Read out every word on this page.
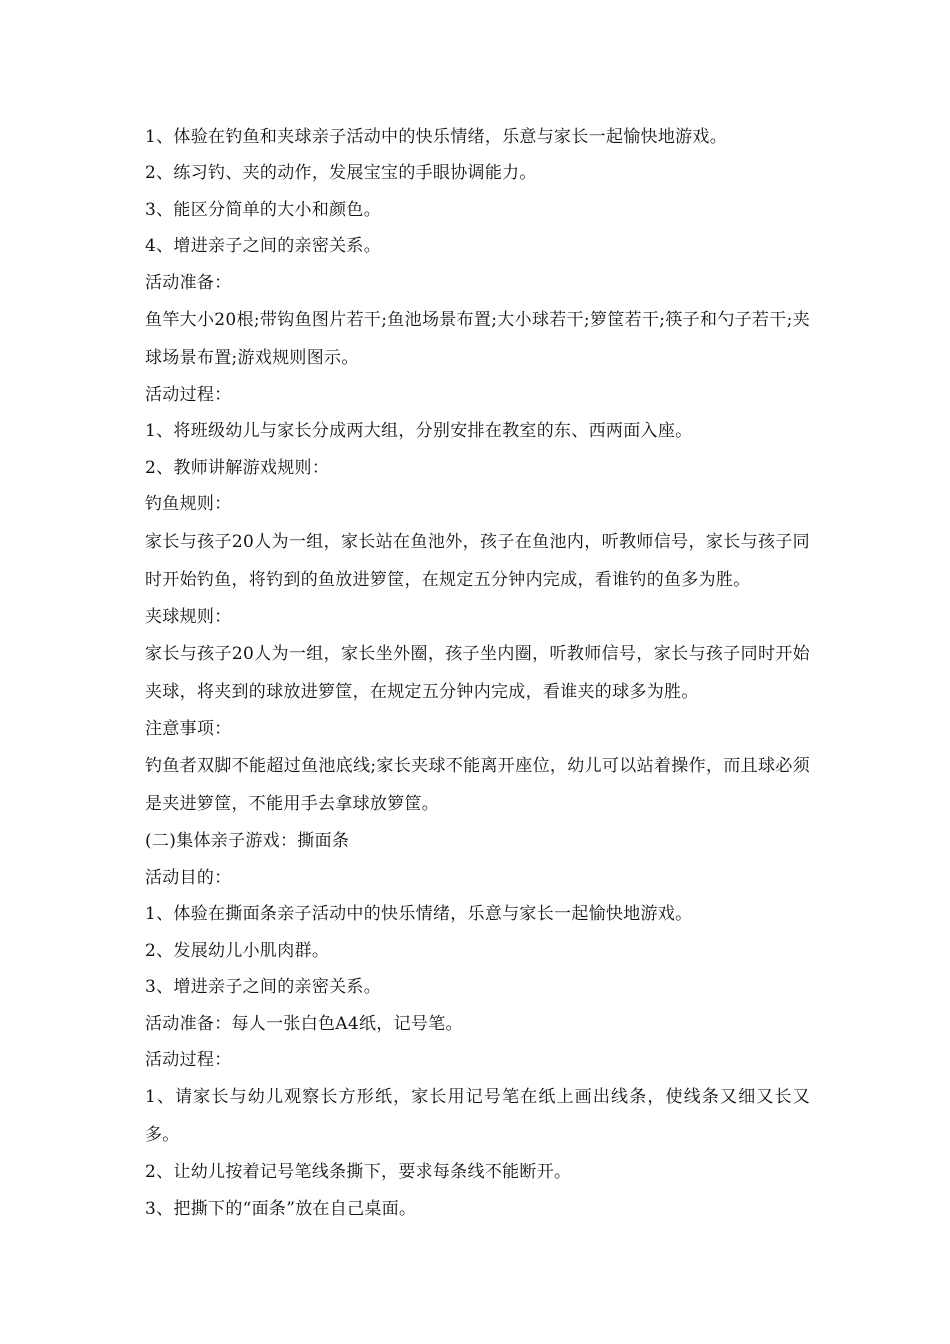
1、体验在钓鱼和夹球亲子活动中的快乐情绪，乐意与家长一起愉快地游戏。

2、练习钓、夹的动作，发展宝宝的手眼协调能力。

3、能区分简单的大小和颜色。

4、增进亲子之间的亲密关系。

活动准备：

鱼竿大小20根;带钩鱼图片若干;鱼池场景布置;大小球若干;箩筐若干;筷子和勺子若干;夹球场景布置;游戏规则图示。

活动过程：

1、将班级幼儿与家长分成两大组，分别安排在教室的东、西两面入座。

2、教师讲解游戏规则：

钓鱼规则：

家长与孩子20人为一组，家长站在鱼池外，孩子在鱼池内，听教师信号，家长与孩子同时开始钓鱼，将钓到的鱼放进箩筐，在规定五分钟内完成，看谁钓的鱼多为胜。

夹球规则：

家长与孩子20人为一组，家长坐外圈，孩子坐内圈，听教师信号，家长与孩子同时开始夹球，将夹到的球放进箩筐，在规定五分钟内完成，看谁夹的球多为胜。

注意事项：

钓鱼者双脚不能超过鱼池底线;家长夹球不能离开座位，幼儿可以站着操作，而且球必须是夹进箩筐，不能用手去拿球放箩筐。

(二)集体亲子游戏：撕面条

活动目的：

1、体验在撕面条亲子活动中的快乐情绪，乐意与家长一起愉快地游戏。

2、发展幼儿小肌肉群。

3、增进亲子之间的亲密关系。

活动准备：每人一张白色A4纸，记号笔。

活动过程：

1、请家长与幼儿观察长方形纸，家长用记号笔在纸上画出线条，使线条又细又长又多。

2、让幼儿按着记号笔线条撕下，要求每条线不能断开。

3、把撕下的“面条”放在自己桌面。
